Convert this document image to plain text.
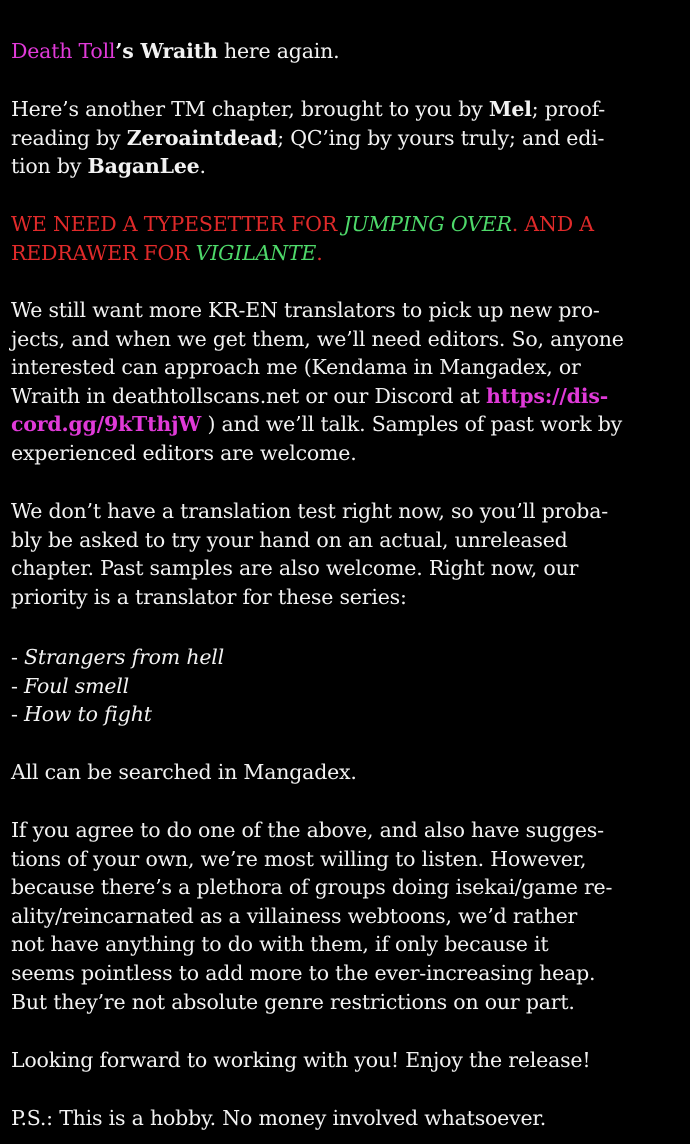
Death Toll’s Wraith here again.
Here’s another TM chapter, brought to you by Mel; proof-
reading by Zeroaintdead; QC’ing by yours truly; and edi-
tion by BaganLee.
WE NEED A TYPESETTER FOR JUMPING OVER. AND A
REDRAWER FOR VIGILANTE.
We still want more KR-EN translators to pick up new pro-
jects, and when we get them, we’ll need editors. So, anyone
interested can approach me (Kendama in Mangadex, or
Wraith in deathtollscans.net or our Discord at https://dis-
cord.gg/9kTthjW ) and we’ll talk. Samples of past work by
experienced editors are welcome.
We don’t have a translation test right now, so you’ll proba-
bly be asked to try your hand on an actual, unreleased
chapter. Past samples are also welcome. Right now, our
priority is a translator for these series:
- Strangers from hell
- Foul smell
- How to fight
All can be searched in Mangadex.
If you agree to do one of the above, and also have sugges-
tions of your own, we’re most willing to listen. However,
because there’s a plethora of groups doing isekai/game re-
ality/reincarnated as a villainess webtoons, we’d rather
not have anything to do with them, if only because it
seems pointless to add more to the ever-increasing heap.
But they’re not absolute genre restrictions on our part.
Looking forward to working with you! Enjoy the release!
P.S.: This is a hobby. No money involved whatsoever.
